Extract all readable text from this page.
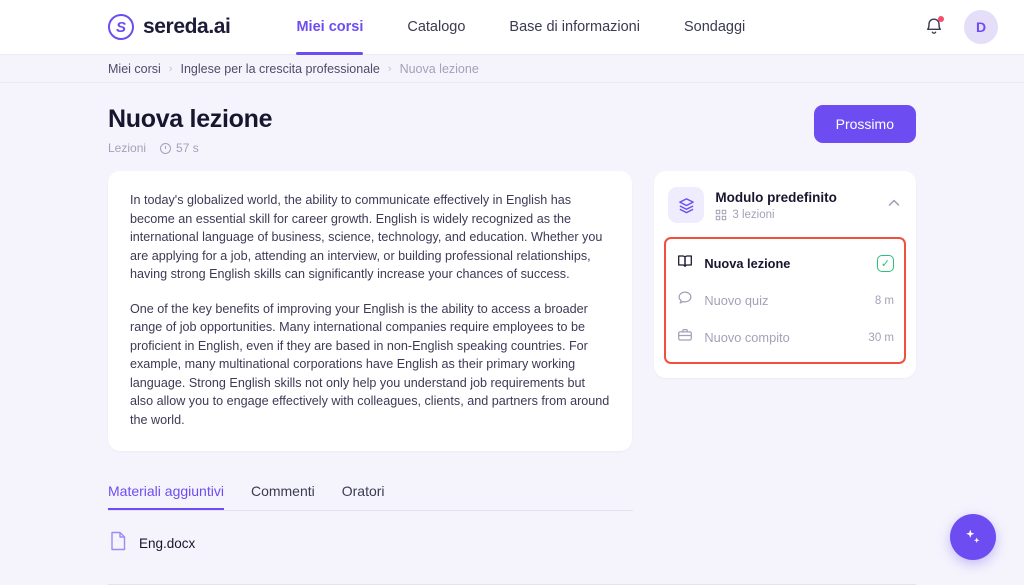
S sereda.ai	Miei corsi	Catalogo	Base di informazioni	Sondaggi	D
Miei corsi › Inglese per la crescita professionale › Nuova lezione
Nuova lezione
Lezioni	57 s
Prossimo

In today's globalized world, the ability to communicate effectively in English has become an essential skill for career growth. English is widely recognized as the international language of business, science, technology, and education. Whether you are applying for a job, attending an interview, or building professional relationships, having strong English skills can significantly increase your chances of success.

One of the key benefits of improving your English is the ability to access a broader range of job opportunities. Many international companies require employees to be proficient in English, even if they are based in non-English speaking countries. For example, many multinational corporations have English as their primary working language. Strong English skills not only help you understand job requirements but also allow you to engage effectively with colleagues, clients, and partners from around the world.

Modulo predefinito
3 lezioni
Nuova lezione	✓
Nuovo quiz	8 m
Nuovo compito	30 m
Materiali aggiuntivi Commenti Oratori
Eng.docx
